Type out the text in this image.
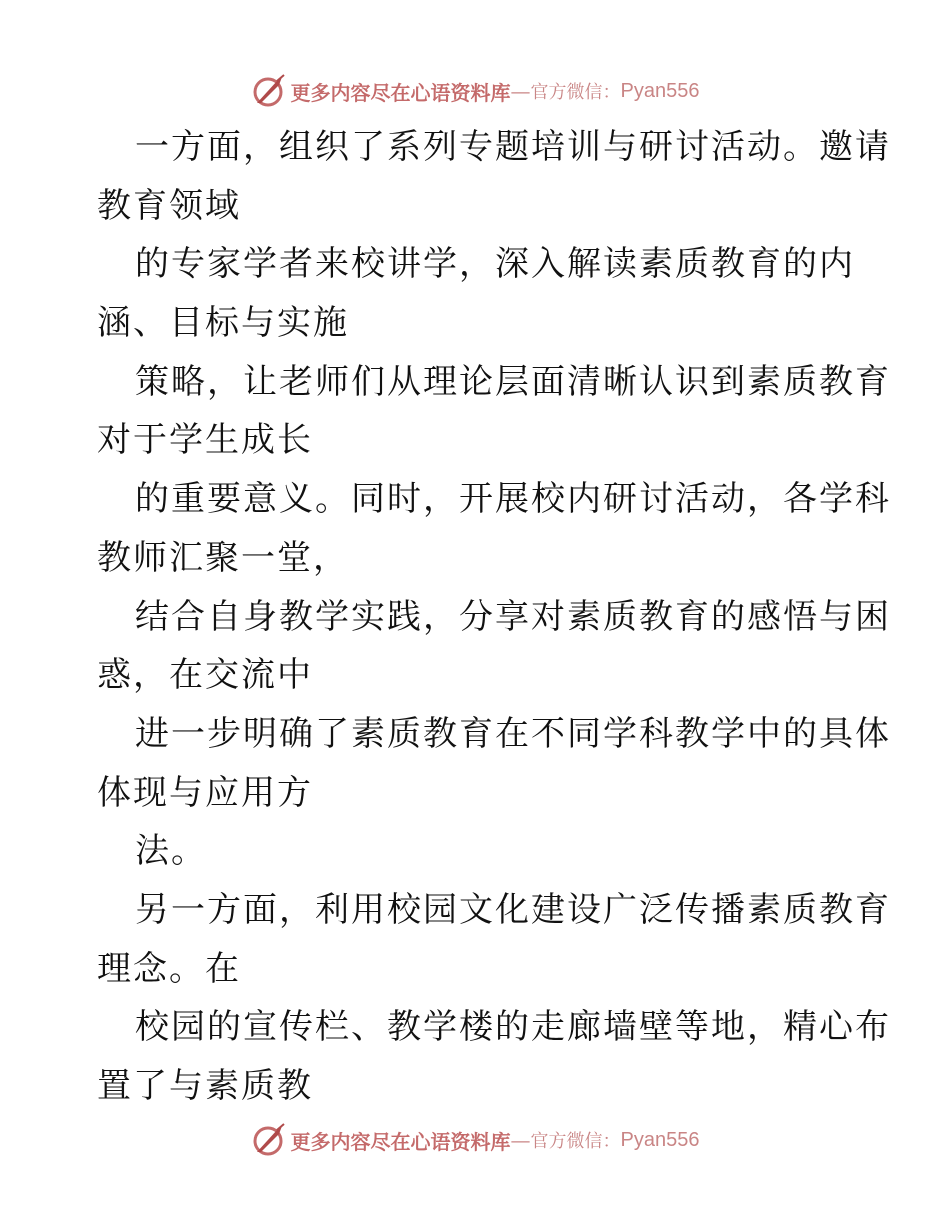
更多内容尽在心语资料库 — 官方微信： Pyan556
一方面，组织了系列专题培训与研讨活动。邀请
教育领域
的专家学者来校讲学，深入解读素质教育的内
涵、目标与实施
策略，让老师们从理论层面清晰认识到素质教育
对于学生成长
的重要意义。同时，开展校内研讨活动，各学科
教师汇聚一堂，
结合自身教学实践，分享对素质教育的感悟与困
惑，在交流中
进一步明确了素质教育在不同学科教学中的具体
体现与应用方
法。
另一方面，利用校园文化建设广泛传播素质教育
理念。在
校园的宣传栏、教学楼的走廊墙壁等地，精心布
置了与素质教
更多内容尽在心语资料库 — 官方微信： Pyan556
